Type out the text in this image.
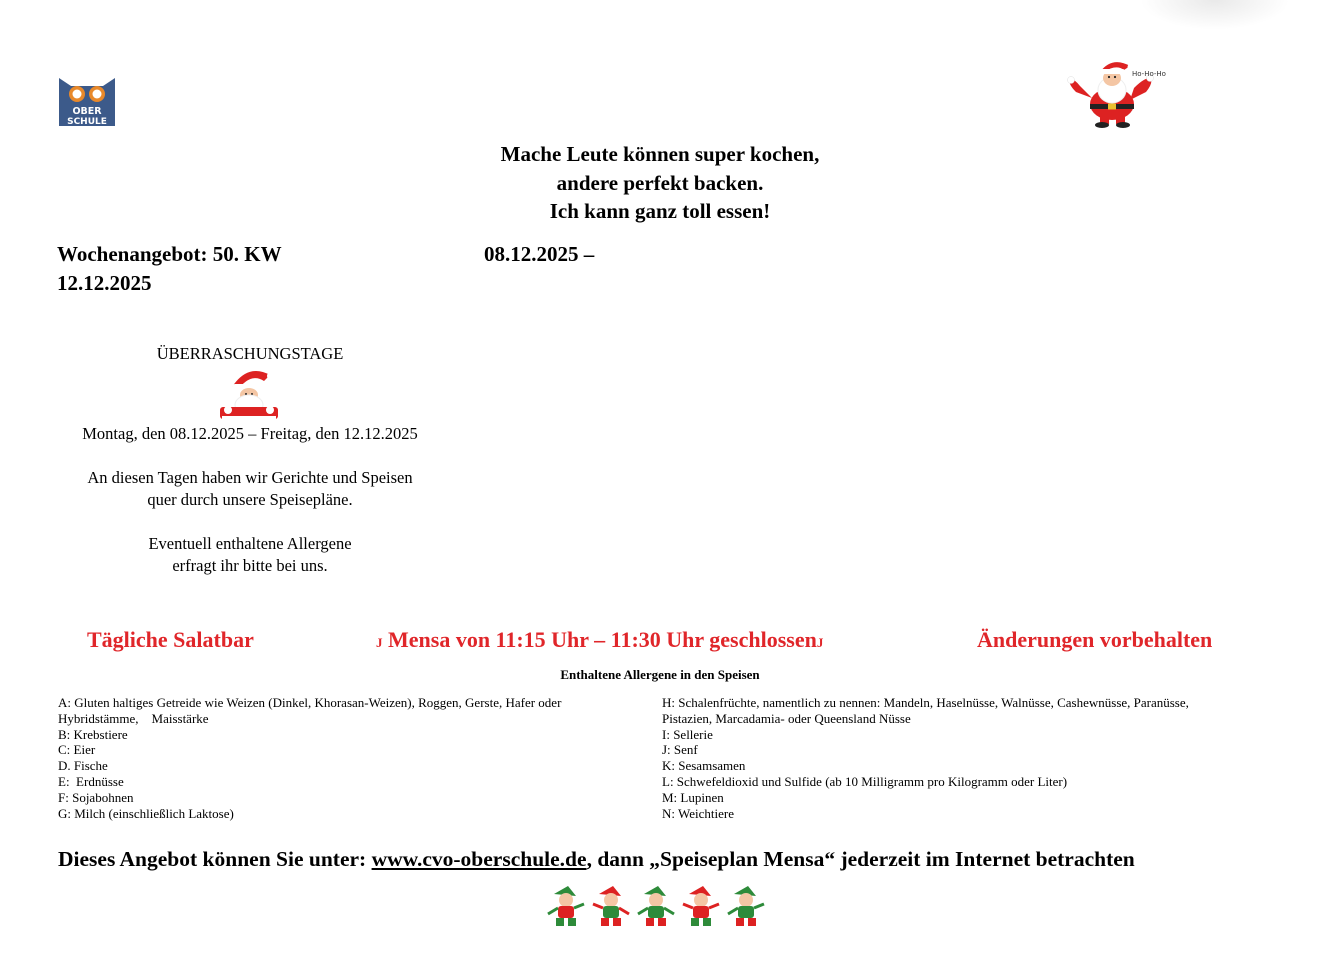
OBER
SCHULE
Ho-Ho-Ho
Mache Leute können super kochen,
andere perfekt backen.
Ich kann ganz toll essen!
Wochenangebot: 50. KW	08.12.2025 –
12.12.2025

ÜBERRASCHUNGSTAGE

Montag, den 08.12.2025 – Freitag, den 12.12.2025

An diesen Tagen haben wir Gerichte und Speisen

quer durch unsere Speisepläne.

Eventuell enthaltene Allergene

erfragt ihr bitte bei uns.

Tägliche Salatbar	J Mensa von 11:15 Uhr – 11:30 Uhr geschlossenJ	Änderungen vorbehalten
Enthaltene Allergene in den Speisen
A: Gluten haltiges Getreide wie Weizen (Dinkel, Khorasan-Weizen), Roggen, Gerste, Hafer oder
Hybridstämme,    Maisstärke
B: Krebstiere
C: Eier
D. Fische
E:  Erdnüsse
F: Sojabohnen
G: Milch (einschließlich Laktose)
H: Schalenfrüchte, namentlich zu nennen: Mandeln, Haselnüsse, Walnüsse, Cashewnüsse, Paranüsse,
Pistazien, Marcadamia- oder Queensland Nüsse
I: Sellerie
J: Senf
K: Sesamsamen
L: Schwefeldioxid und Sulfide (ab 10 Milligramm pro Kilogramm oder Liter)
M: Lupinen
N: Weichtiere
Dieses Angebot können Sie unter: www.cvo-oberschule.de, dann „Speiseplan Mensa“ jederzeit im Internet betrachten
